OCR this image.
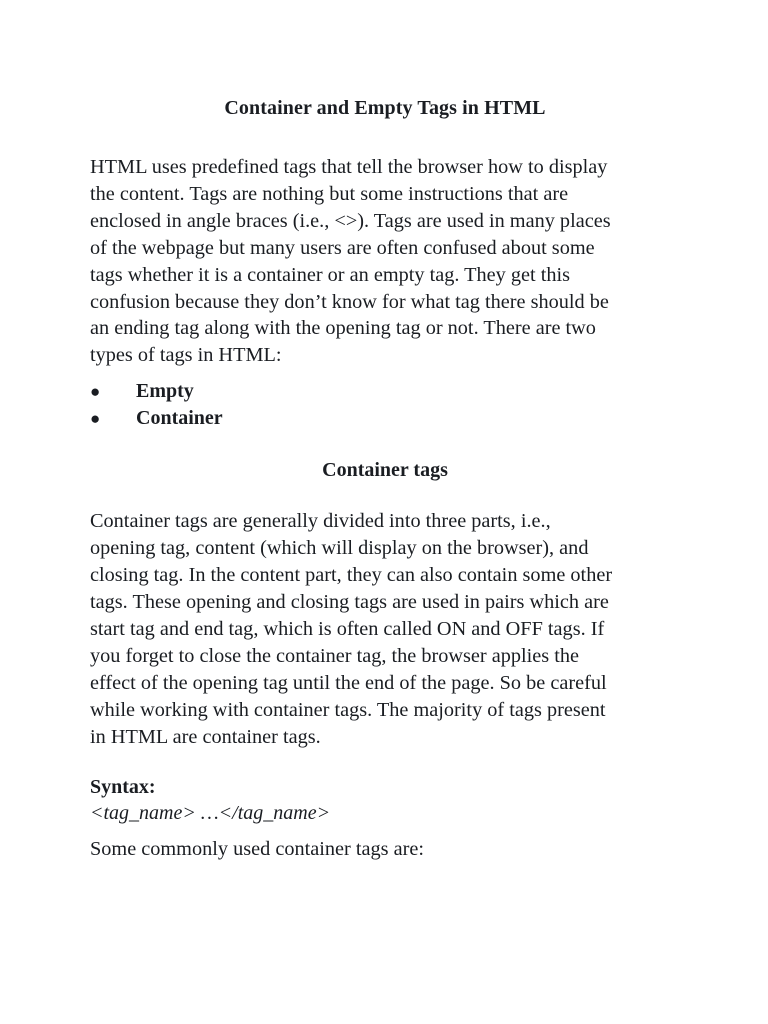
Container and Empty Tags in HTML
HTML uses predefined tags that tell the browser how to display
the content. Tags are nothing but some instructions that are
enclosed in angle braces (i.e., <>). Tags are used in many places
of the webpage but many users are often confused about some
tags whether it is a container or an empty tag. They get this
confusion because they don’t know for what tag there should be
an ending tag along with the opening tag or not. There are two
types of tags in HTML:
● Empty
● Container
Container tags
Container tags are generally divided into three parts, i.e.,
opening tag, content (which will display on the browser), and
closing tag. In the content part, they can also contain some other
tags. These opening and closing tags are used in pairs which are
start tag and end tag, which is often called ON and OFF tags. If
you forget to close the container tag, the browser applies the
effect of the opening tag until the end of the page. So be careful
while working with container tags. The majority of tags present
in HTML are container tags.

Syntax:

<tag_name> …</tag_name>

Some commonly used container tags are:
